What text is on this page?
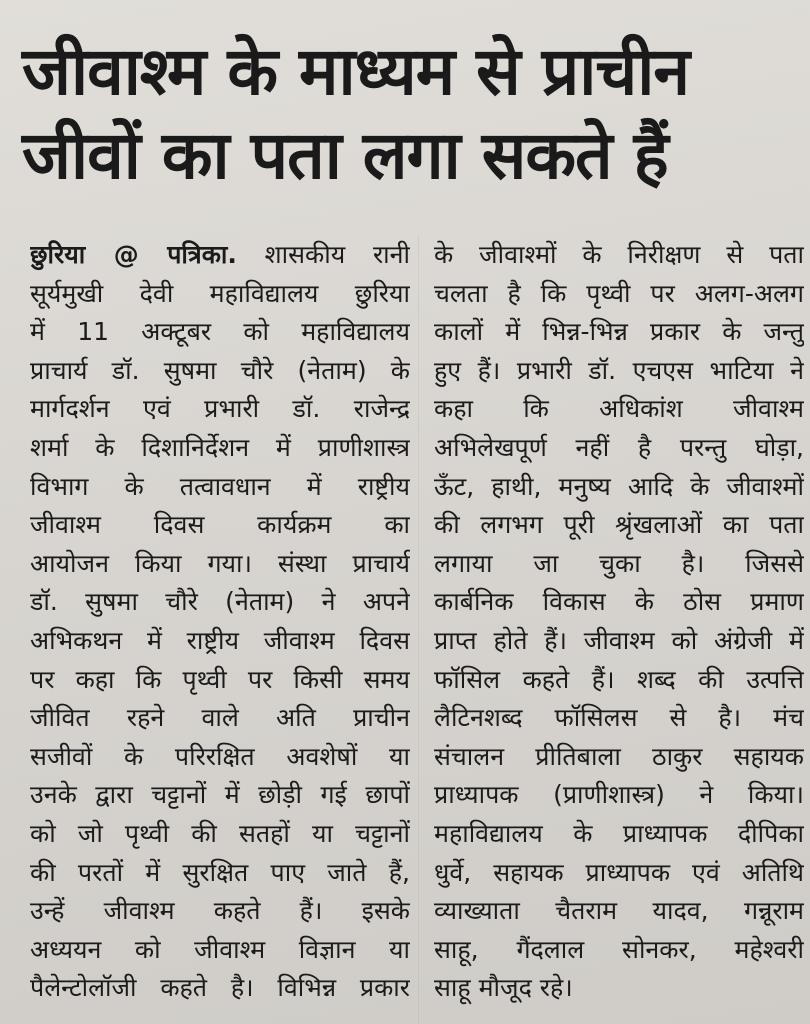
जीवाश्म के माध्यम से प्राचीन
जीवों का पता लगा सकते हैं
छुरिया @ पत्रिका. शासकीय रानी
सूर्यमुखी देवी महाविद्यालय छुरिया
में 11 अक्टूबर को महाविद्यालय
प्राचार्य डॉ. सुषमा चौरे (नेताम) के
मार्गदर्शन एवं प्रभारी डॉ. राजेन्द्र
शर्मा के दिशानिर्देशन में प्राणीशास्त्र
विभाग के तत्वावधान में राष्ट्रीय
जीवाश्म दिवस कार्यक्रम का
आयोजन किया गया। संस्था प्राचार्य
डॉ. सुषमा चौरे (नेताम) ने अपने
अभिकथन में राष्ट्रीय जीवाश्म दिवस
पर कहा कि पृथ्वी पर किसी समय
जीवित रहने वाले अति प्राचीन
सजीवों के परिरक्षित अवशेषों या
उनके द्वारा चट्टानों में छोड़ी गई छापों
को जो पृथ्वी की सतहों या चट्टानों
की परतों में सुरक्षित पाए जाते हैं,
उन्हें जीवाश्म कहते हैं। इसके
अध्ययन को जीवाश्म विज्ञान या
पैलेन्टोलॉजी कहते है। विभिन्न प्रकार
के जीवाश्मों के निरीक्षण से पता
चलता है कि पृथ्वी पर अलग-अलग
कालों में भिन्न-भिन्न प्रकार के जन्तु
हुए हैं। प्रभारी डॉ. एचएस भाटिया ने
कहा कि अधिकांश जीवाश्म
अभिलेखपूर्ण नहीं है परन्तु घोड़ा,
ऊँट, हाथी, मनुष्य आदि के जीवाश्मों
की लगभग पूरी श्रृंखलाओं का पता
लगाया जा चुका है। जिससे
कार्बनिक विकास के ठोस प्रमाण
प्राप्त होते हैं। जीवाश्म को अंग्रेजी में
फॉसिल कहते हैं। शब्द की उत्पत्ति
लैटिनशब्द फॉसिलस से है। मंच
संचालन प्रीतिबाला ठाकुर सहायक
प्राध्यापक (प्राणीशास्त्र) ने किया।
महाविद्यालय के प्राध्यापक दीपिका
धुर्वे, सहायक प्राध्यापक एवं अतिथि
व्याख्याता चैतराम यादव, गन्नूराम
साहू, गैंदलाल सोनकर, महेश्वरी
साहू मौजूद रहे।
